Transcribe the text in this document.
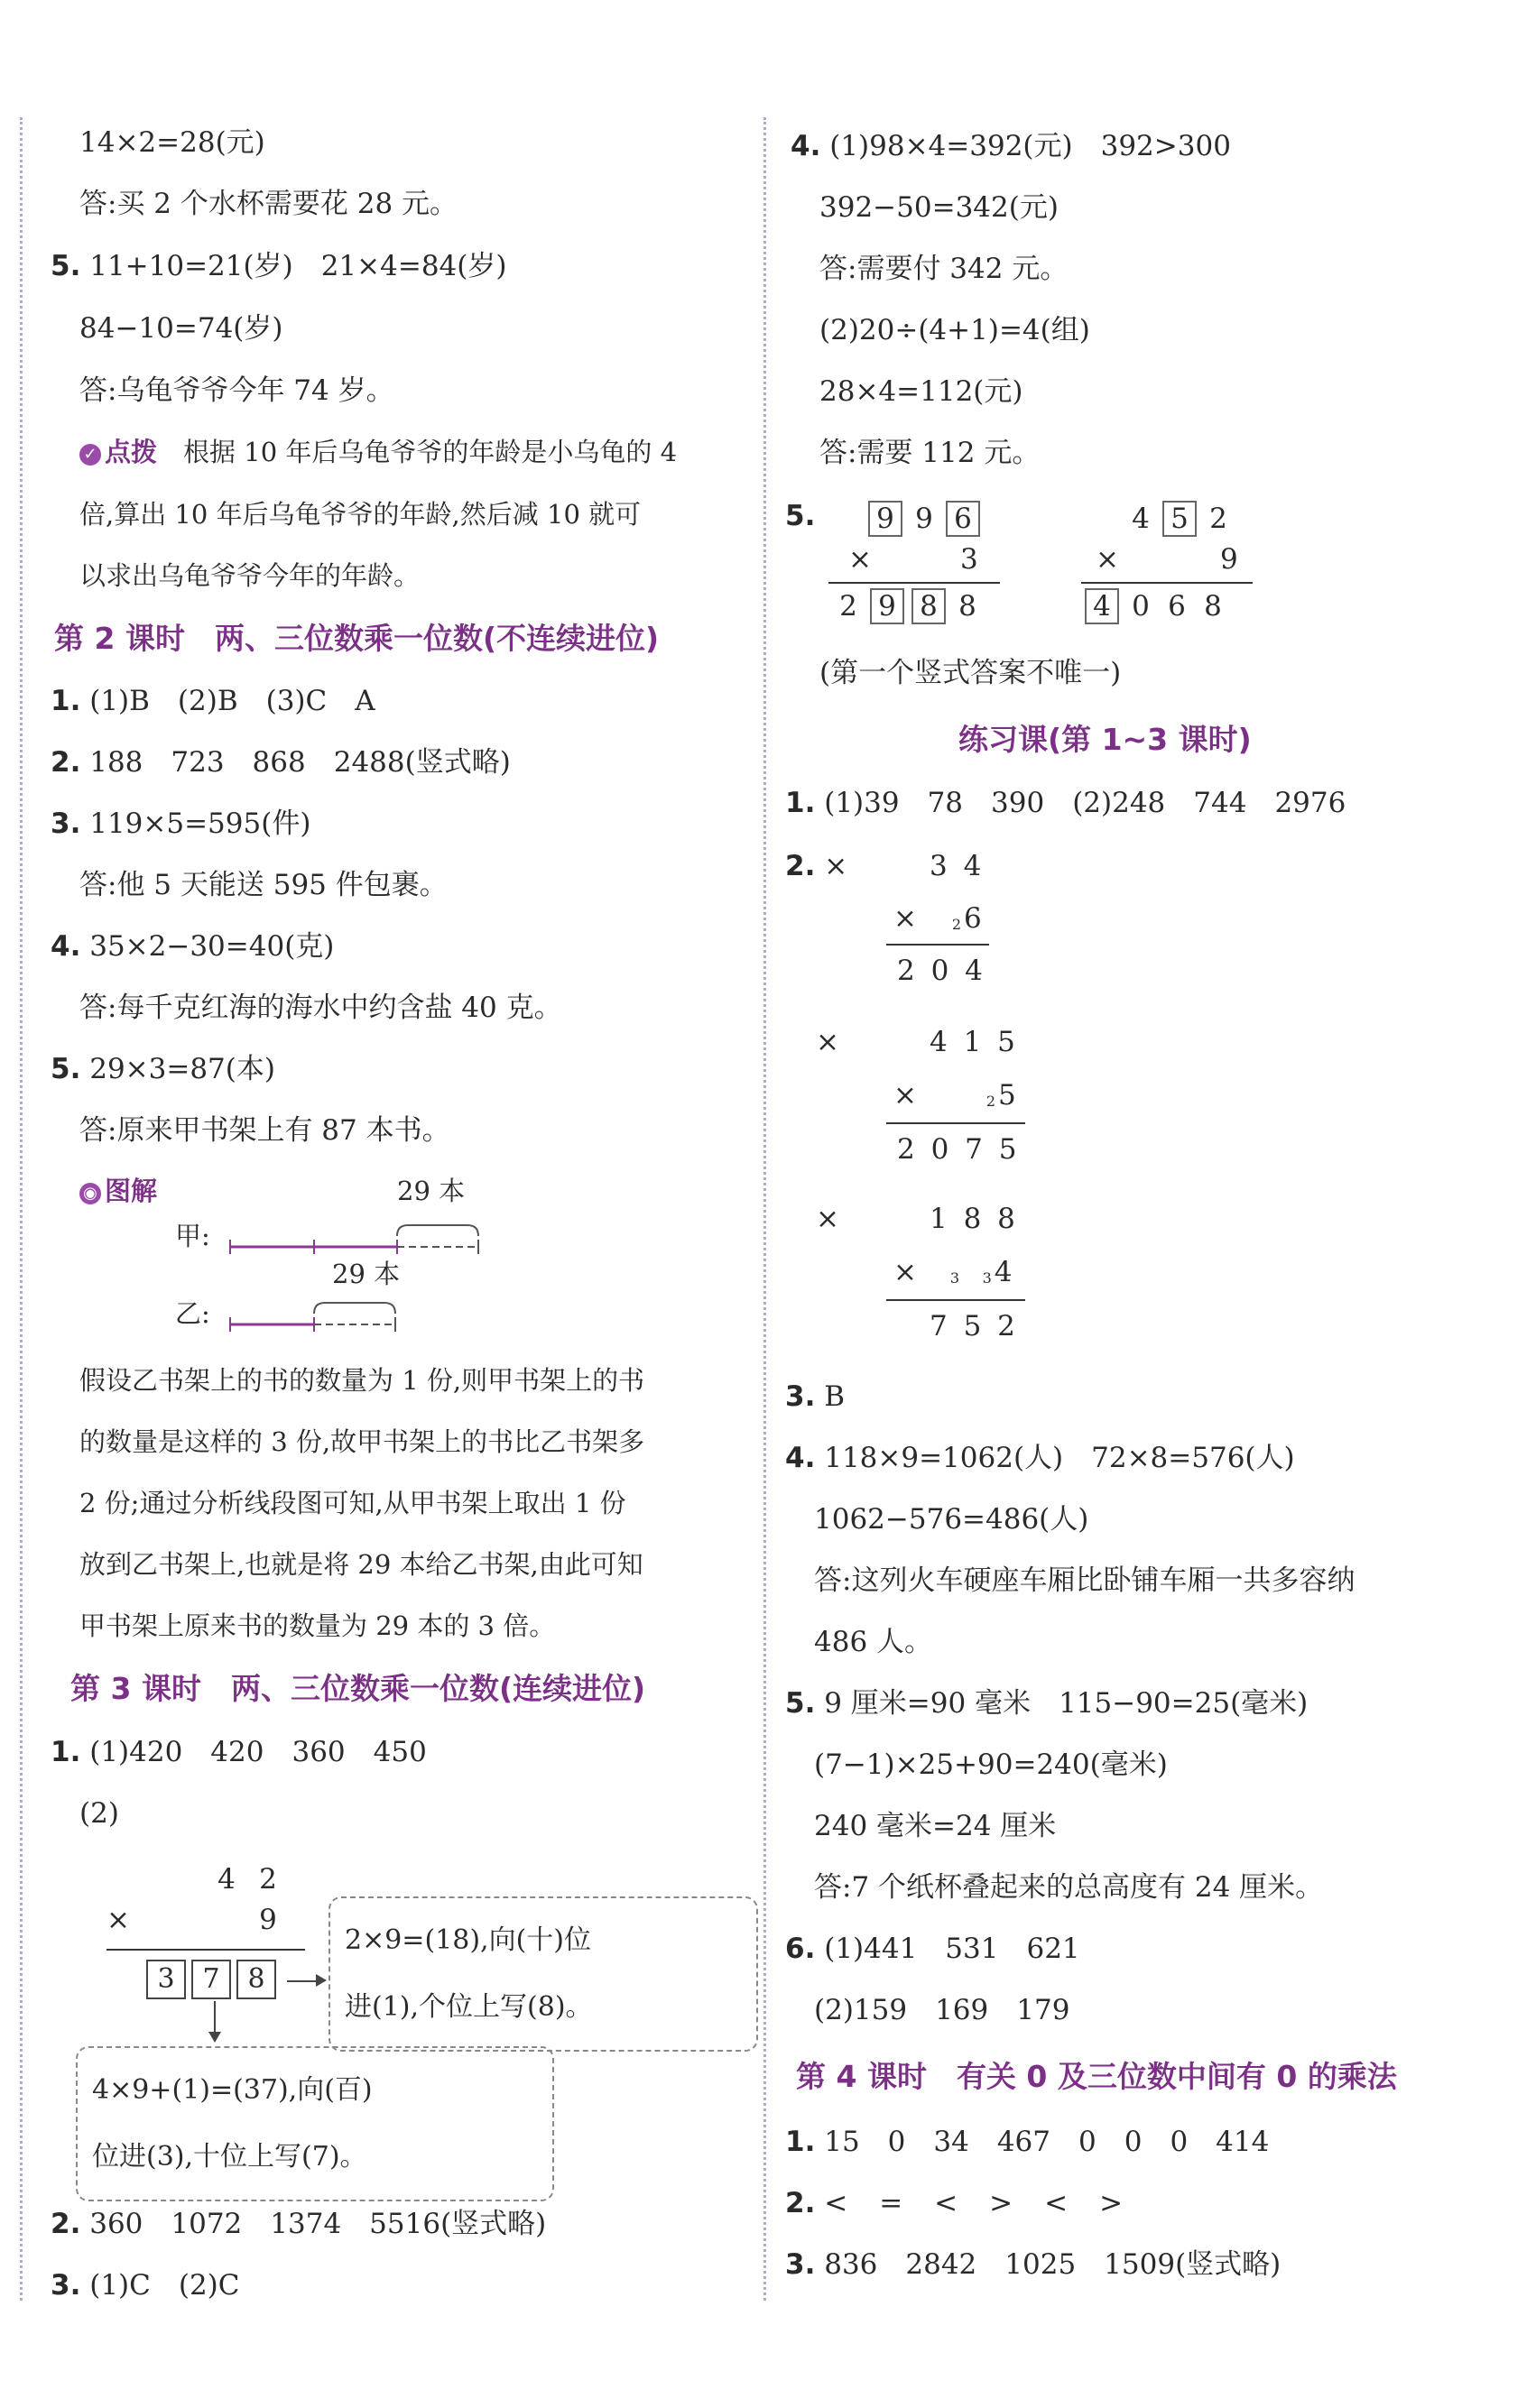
14×2=28(元)
答:买 2 个水杯需要花 28 元。
5. 11+10=21(岁)　21×4=84(岁)
84−10=74(岁)
答:乌龟爷爷今年 74 岁。
✓ 点拨　 根据 10 年后乌龟爷爷的年龄是小乌龟的 4
倍,算出 10 年后乌龟爷爷的年龄,然后减 10 就可
以求出乌龟爷爷今年的年龄。
第 2 课时　两、三位数乘一位数(不连续进位)
1. (1)B　(2)B　(3)C　A
2. 188　723　868　2488(竖式略)
3. 119×5=595(件)
答:他 5 天能送 595 件包裹。
4. 35×2−30=40(克)
答:每千克红海的海水中约含盐 40 克。
5. 29×3=87(本)
答:原来甲书架上有 87 本书。
◉ 图解	29 本
甲:
29 本
乙:
假设乙书架上的书的数量为 1 份,则甲书架上的书
的数量是这样的 3 份,故甲书架上的书比乙书架多
2 份;通过分析线段图可知,从甲书架上取出 1 份
放到乙书架上,也就是将 29 本给乙书架,由此可知
甲书架上原来书的数量为 29 本的 3 倍。
第 3 课时　两、三位数乘一位数(连续进位)
1. (1)420　420　360　450
(2)
4 2
×	9
3 7 8
2×9=(18),向(十)位
进(1),个位上写(8)。
4×9+(1)=(37),向(百)
位进(3),十位上写(7)。
2. 360　1072　1374　5516(竖式略)
3. (1)C　(2)C
4. (1)98×4=392(元)　392>300
392−50=342(元)
答:需要付 342 元。
(2)20÷(4+1)=4(组)
28×4=112(元)
答:需要 112 元。
5.	9 9 6
×	3
2 9 8 8
4 5 2
×	9
4 0 6 8
(第一个竖式答案不唯一)
练习课(第 1~3 课时)
1. (1)39　78　390　(2)248　744　2976
2. ×	3 4
× 26
2 0 4
×	4 1 5
×	25
2 0 7 5
×	1 8 8
× 3 34
7 5 2
3. B
4. 118×9=1062(人)　72×8=576(人)
1062−576=486(人)
答:这列火车硬座车厢比卧铺车厢一共多容纳
486 人。
5. 9 厘米=90 毫米　115−90=25(毫米)
(7−1)×25+90=240(毫米)
240 毫米=24 厘米
答:7 个纸杯叠起来的总高度有 24 厘米。
6. (1)441　531　621
(2)159　169　179
第 4 课时　有关 0 及三位数中间有 0 的乘法
1. 15　0　34　467　0　0　0　414
2. <　=　<　>　<　>
3. 836　2842　1025　1509(竖式略)
